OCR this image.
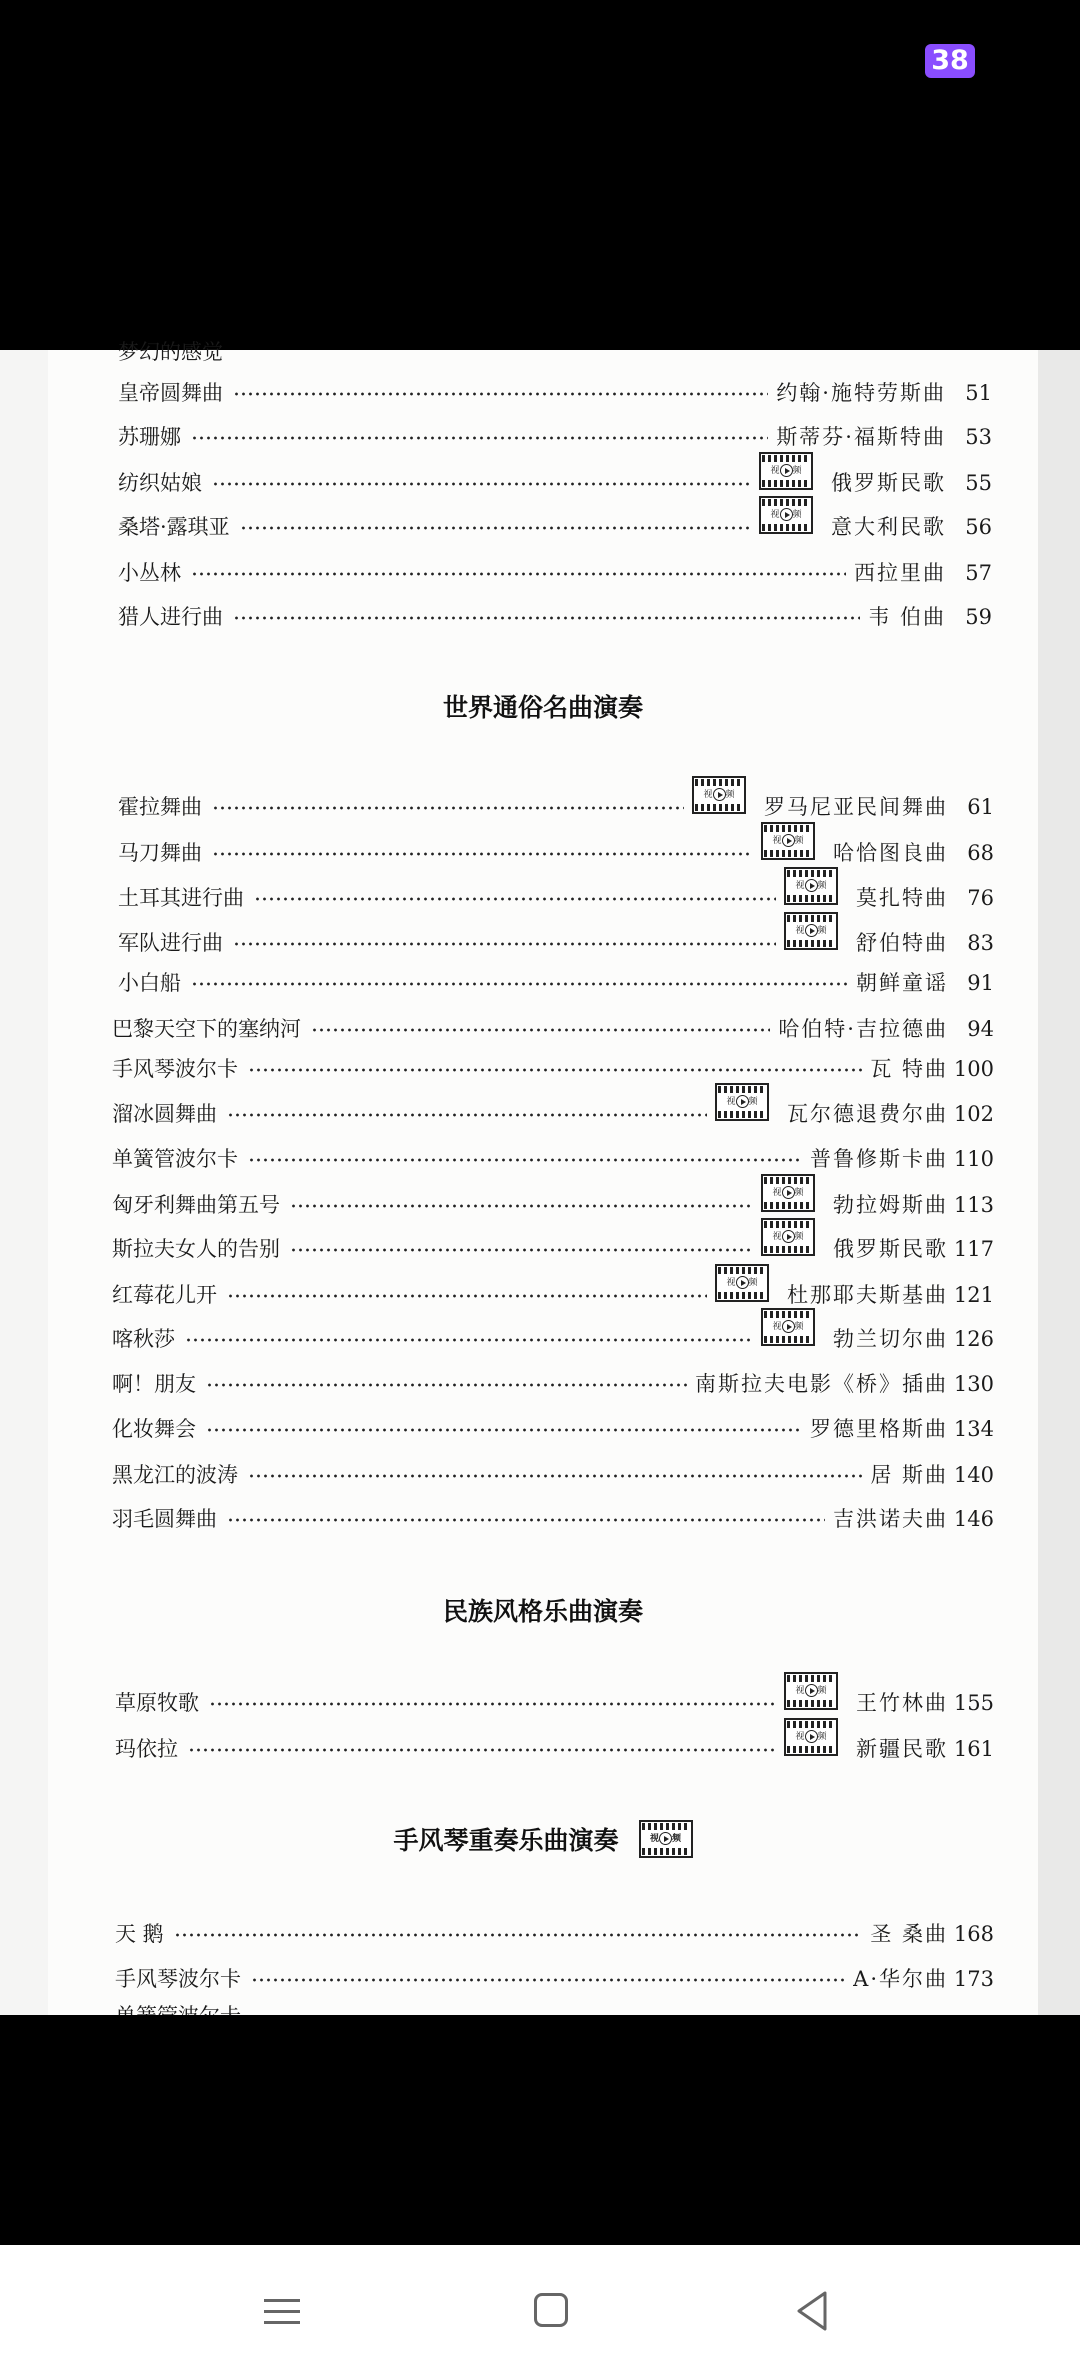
38
梦幻的感觉
皇帝圆舞曲	约翰·施特劳斯曲 51
苏珊娜	斯蒂芬·福斯特曲 53
纺织姑娘	视 频	俄罗斯民歌 55
桑塔·露琪亚	视 频	意大利民歌 56
小丛林	西拉里曲 57
猎人进行曲	韦 伯曲 59
世界通俗名曲演奏
霍拉舞曲	视 频	罗马尼亚民间舞曲 61
马刀舞曲	视 频	哈恰图良曲 68
土耳其进行曲	视 频	莫扎特曲 76
军队进行曲	视 频	舒伯特曲 83
小白船	朝鲜童谣 91
巴黎天空下的塞纳河	哈伯特·吉拉德曲 94
手风琴波尔卡	瓦 特曲 100
溜冰圆舞曲	视 频	瓦尔德退费尔曲 102
单簧管波尔卡	普鲁修斯卡曲 110
匈牙利舞曲第五号	视 频	勃拉姆斯曲 113
斯拉夫女人的告别	视 频	俄罗斯民歌 117
红莓花儿开	视 频	杜那耶夫斯基曲 121
喀秋莎	视 频	勃兰切尔曲 126
啊！朋友	南斯拉夫电影《桥》插曲 130
化妆舞会	罗德里格斯曲 134
黑龙江的波涛	居 斯曲 140
羽毛圆舞曲	吉洪诺夫曲 146
民族风格乐曲演奏
草原牧歌	视 频	王竹林曲 155
玛依拉	视 频	新疆民歌 161
手风琴重奏乐曲演奏	视 频
天 鹅	圣 桑曲 168
手风琴波尔卡	A·华尔曲 173
